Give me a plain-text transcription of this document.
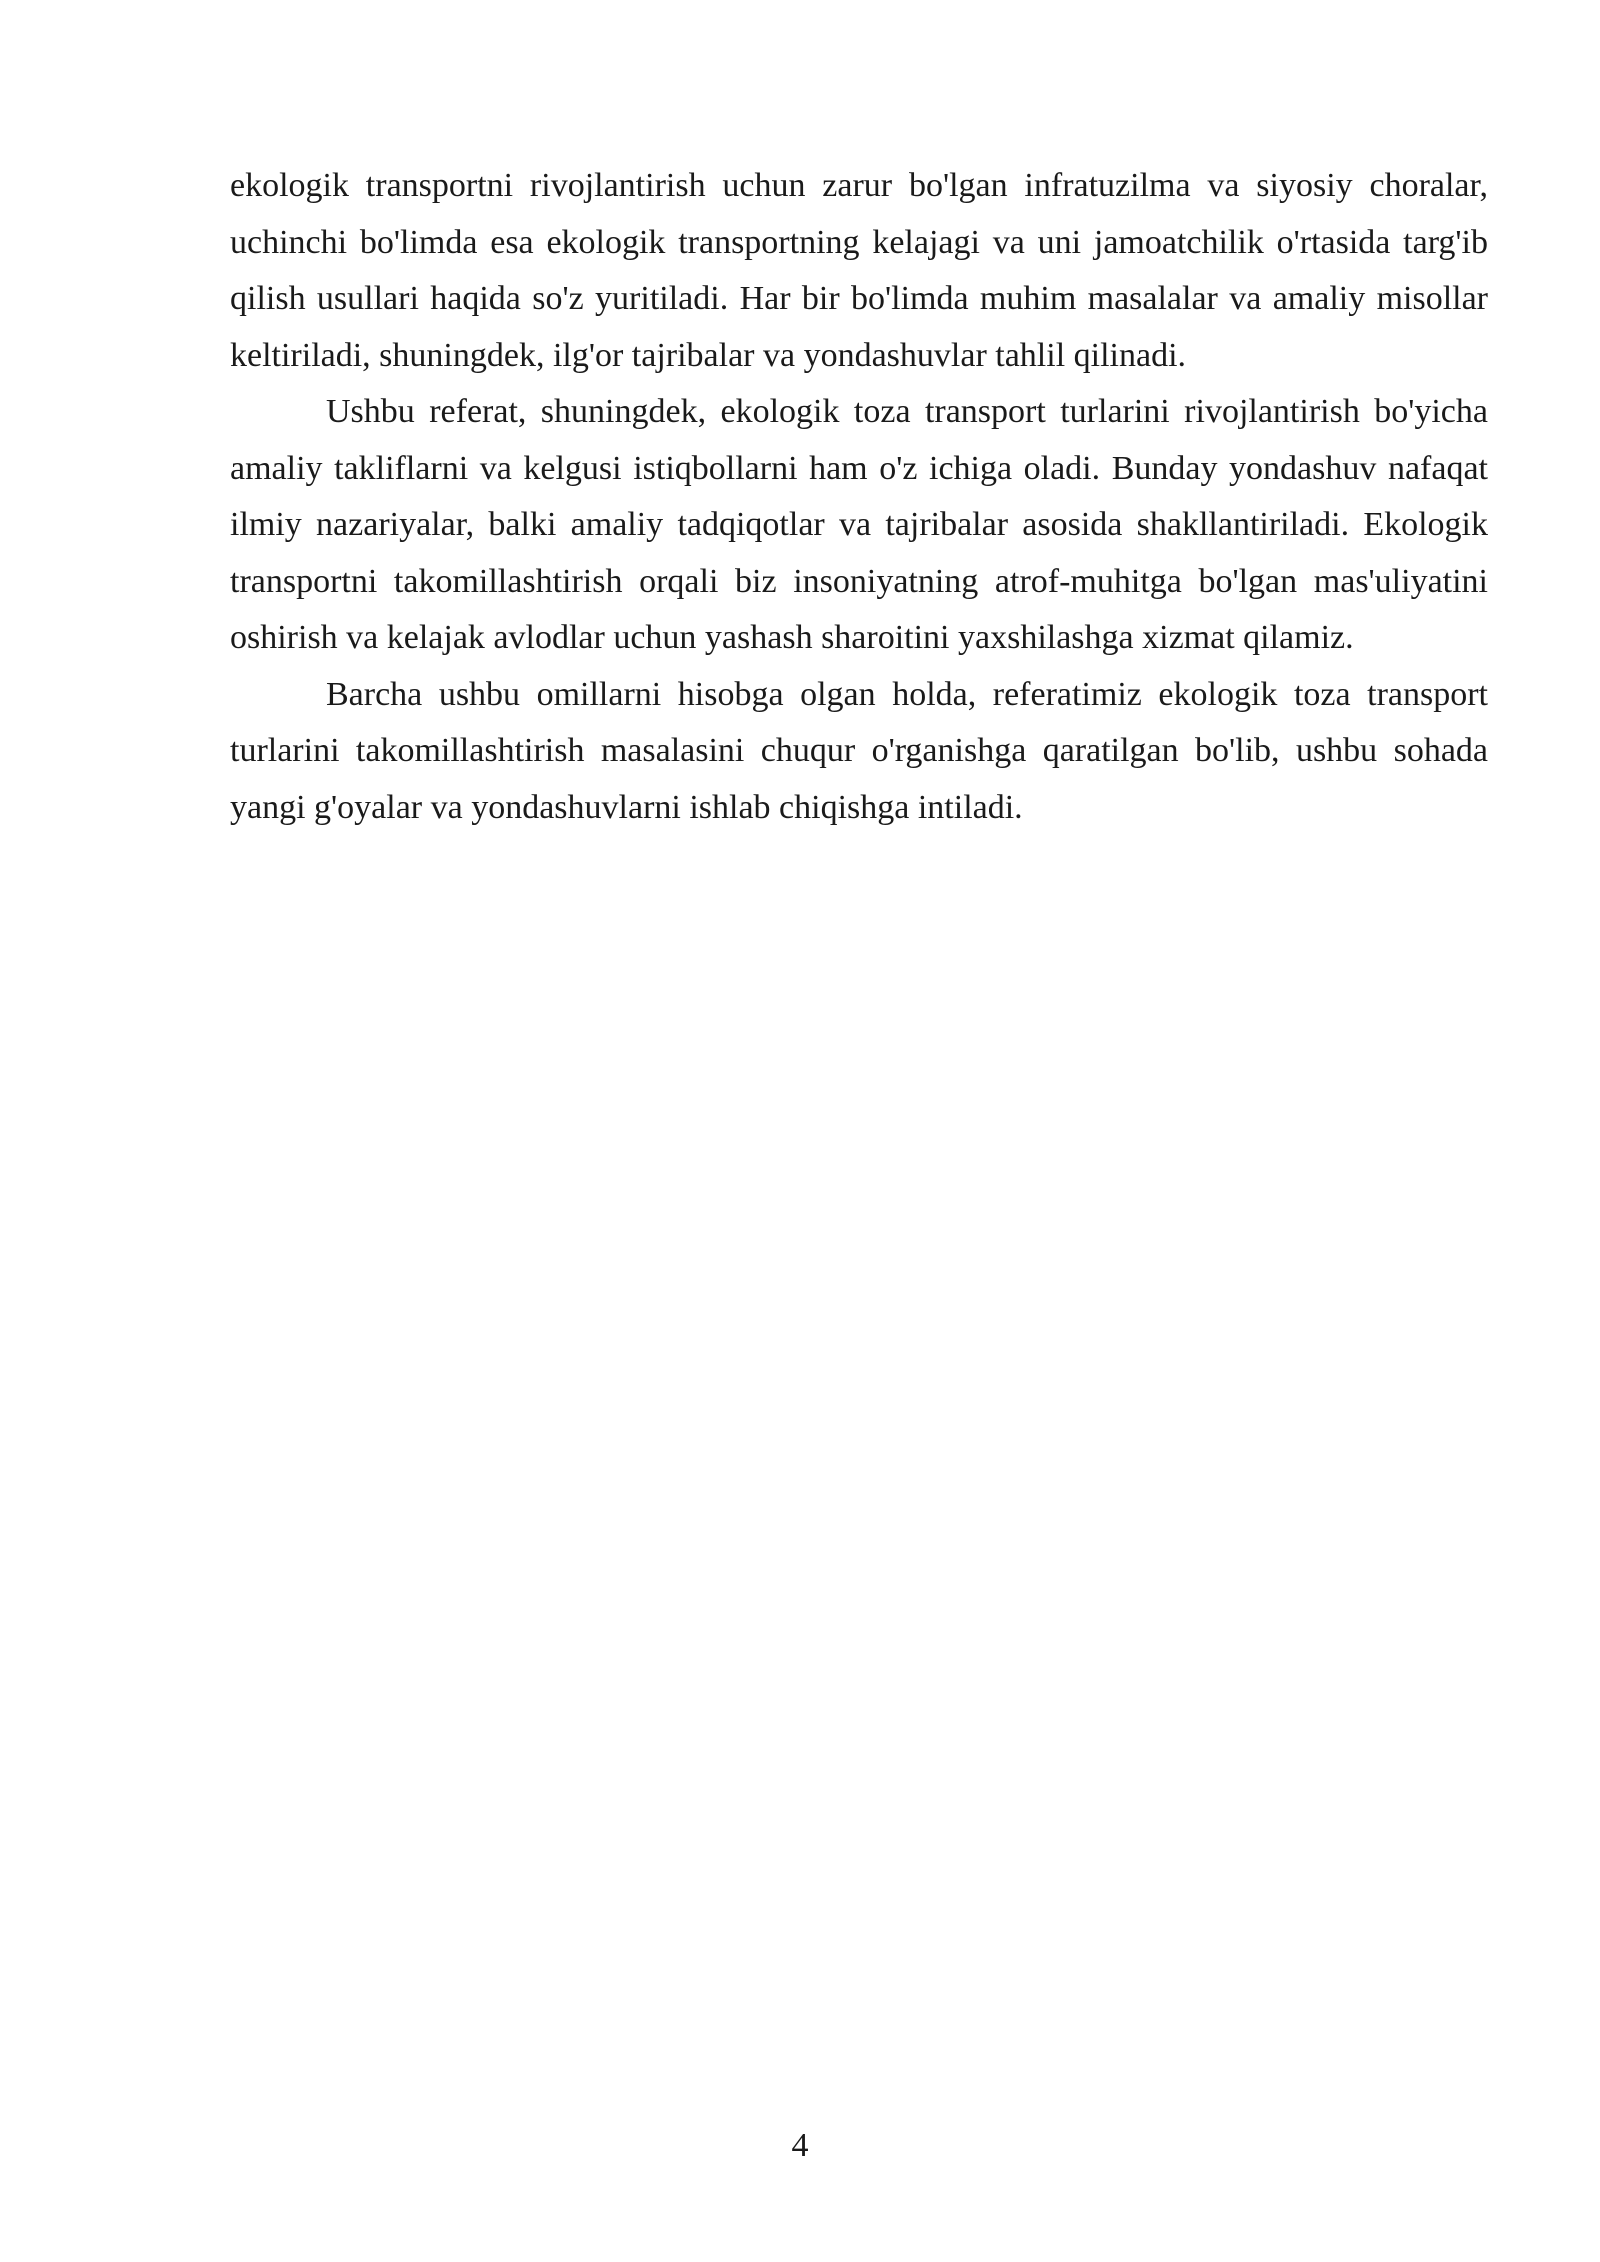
ekologik transportni rivojlantirish uchun zarur bo'lgan infratuzilma va siyosiy choralar, uchinchi bo'limda esa ekologik transportning kelajagi va uni jamoatchilik o'rtasida targ'ib qilish usullari haqida so'z yuritiladi. Har bir bo'limda muhim masalalar va amaliy misollar keltiriladi, shuningdek, ilg'or tajribalar va yondashuvlar tahlil qilinadi.

Ushbu referat, shuningdek, ekologik toza transport turlarini rivojlantirish bo'yicha amaliy takliflarni va kelgusi istiqbollarni ham o'z ichiga oladi. Bunday yondashuv nafaqat ilmiy nazariyalar, balki amaliy tadqiqotlar va tajribalar asosida shakllantiriladi. Ekologik transportni takomillashtirish orqali biz insoniyatning atrof-muhitga bo'lgan mas'uliyatini oshirish va kelajak avlodlar uchun yashash sharoitini yaxshilashga xizmat qilamiz.

Barcha ushbu omillarni hisobga olgan holda, referatimiz ekologik toza transport turlarini takomillashtirish masalasini chuqur o'rganishga qaratilgan bo'lib, ushbu sohada yangi g'oyalar va yondashuvlarni ishlab chiqishga intiladi.

4
